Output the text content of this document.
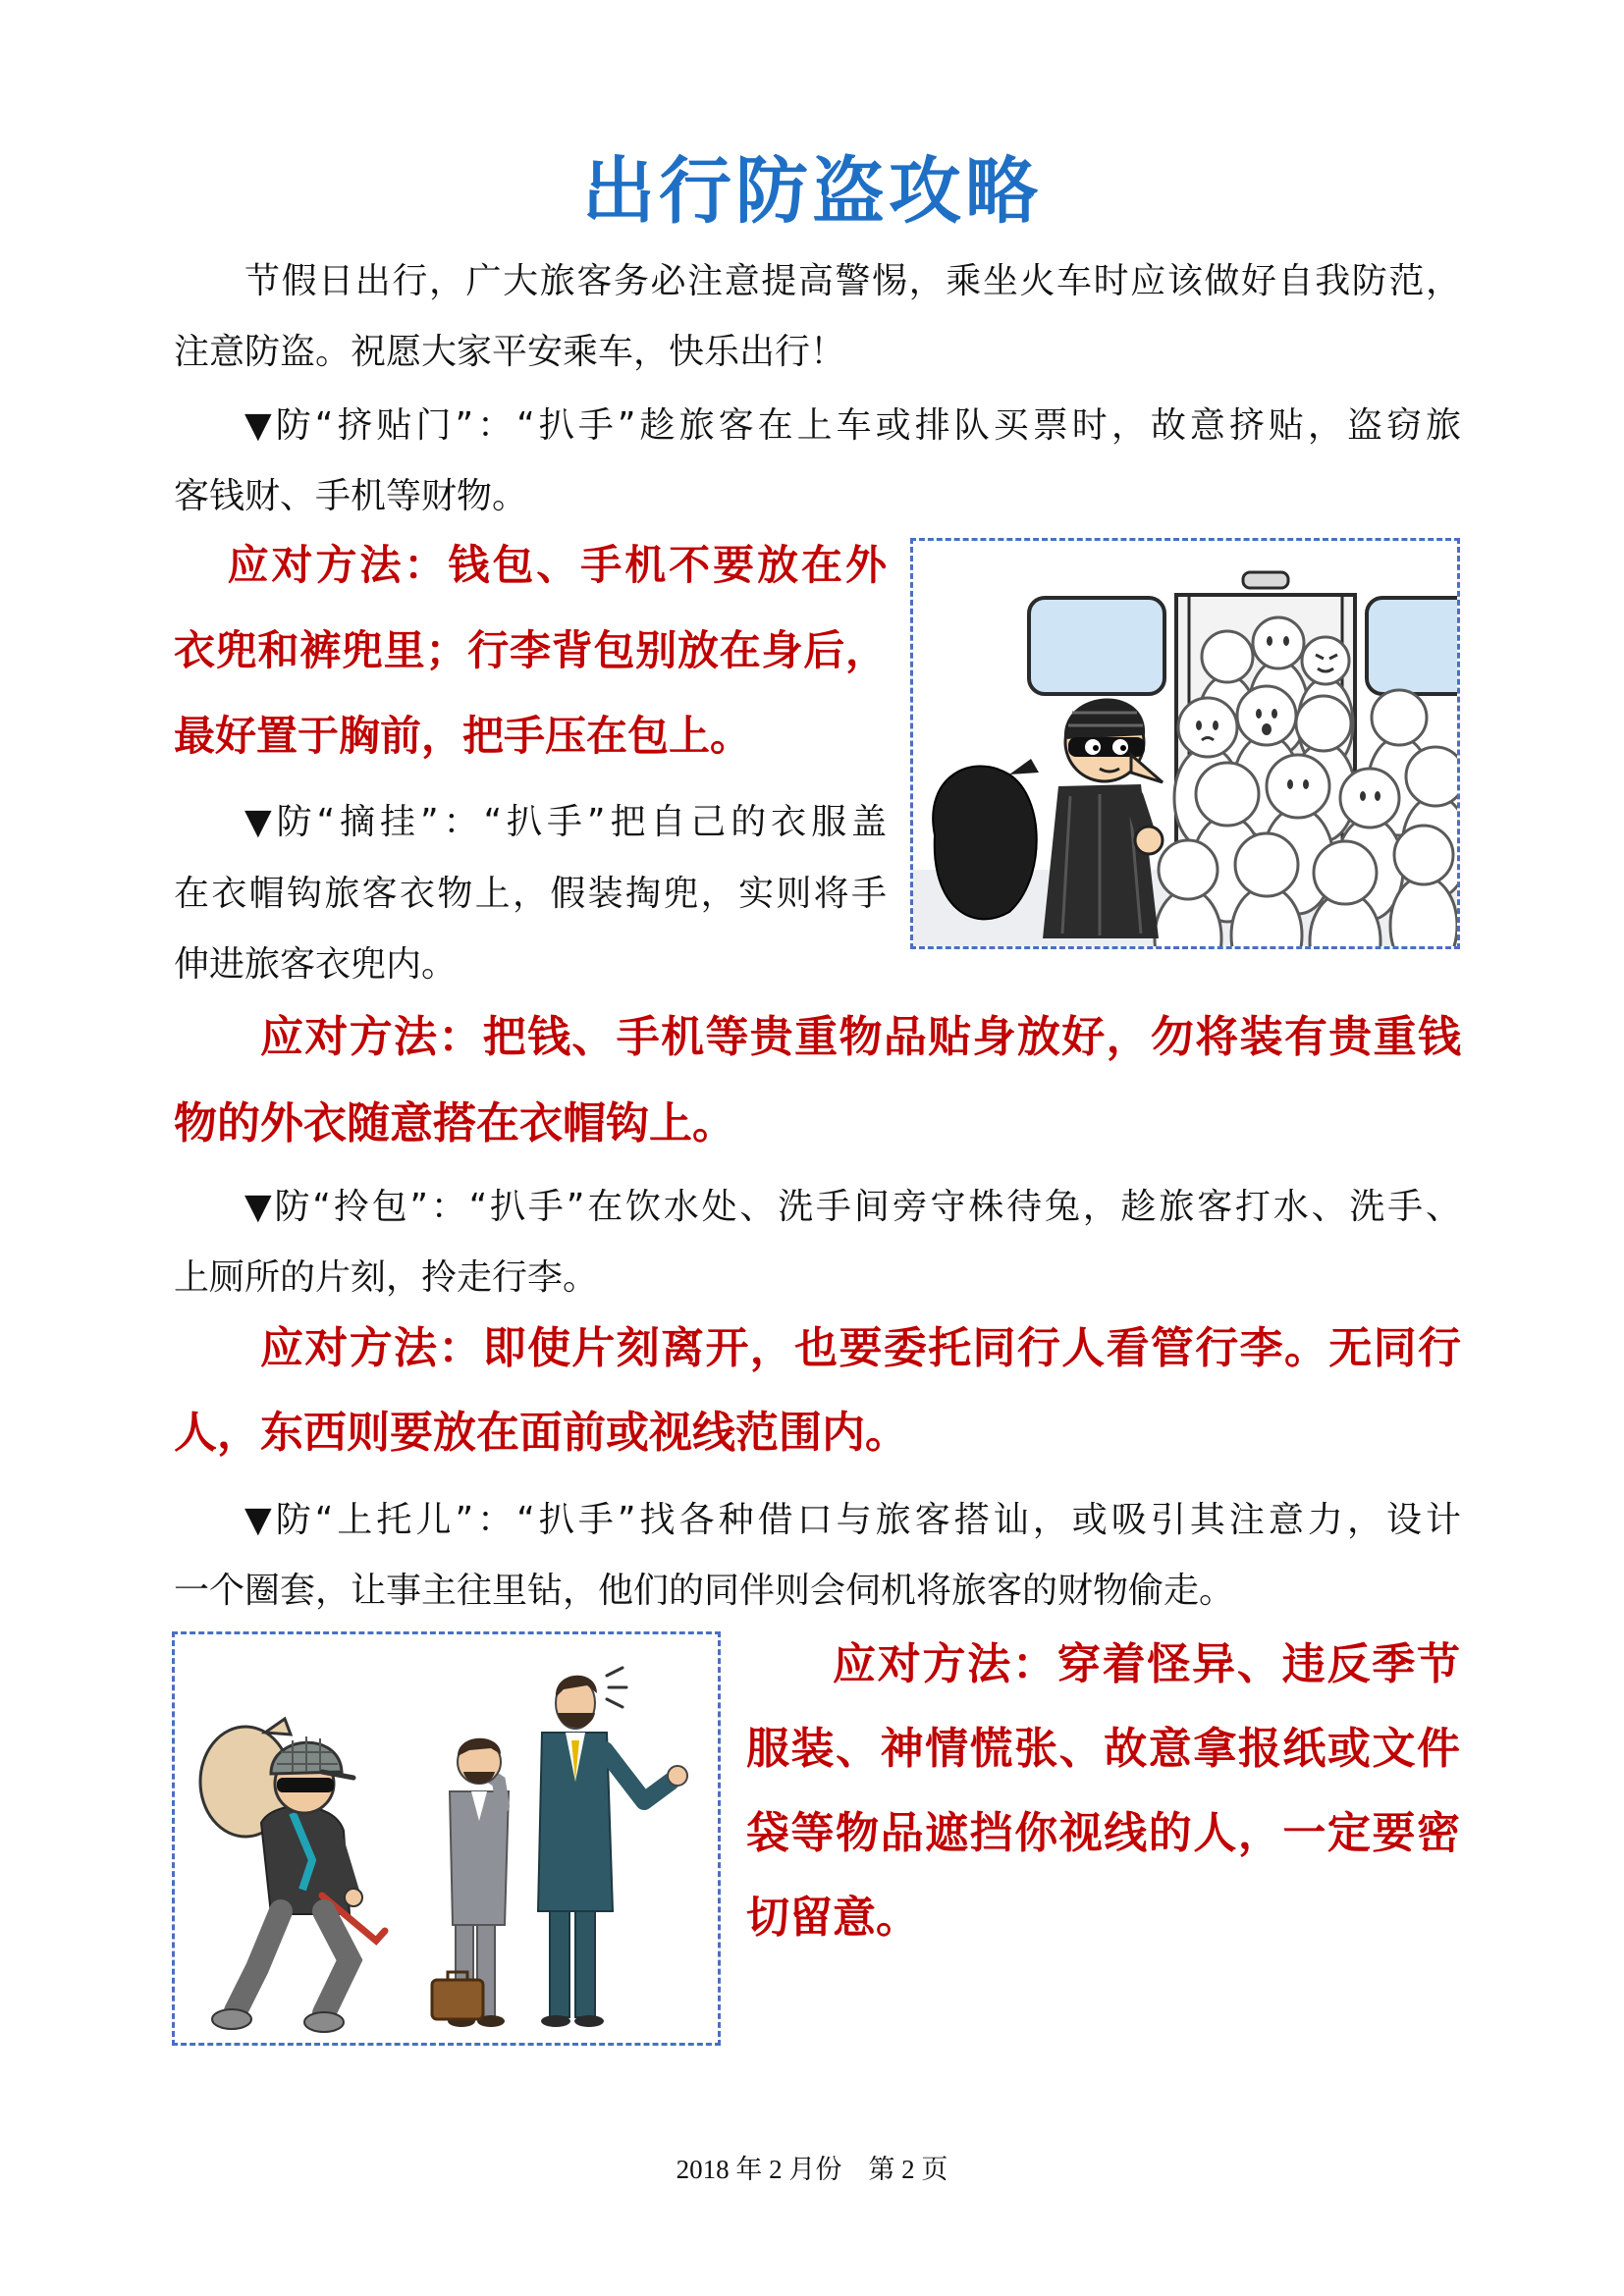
出行防盗攻略
节假日出行，广大旅客务必注意提高警惕，乘坐火车时应该做好自我防范，
注意防盗。祝愿大家平安乘车，快乐出行！
▼防“挤贴门”：“扒手”趁旅客在上车或排队买票时，故意挤贴，盗窃旅
客钱财、手机等财物。
应对方法：钱包、手机不要放在外
衣兜和裤兜里；行李背包别放在身后，
最好置于胸前，把手压在包上。
▼防“摘挂”：“扒手”把自己的衣服盖
在衣帽钩旅客衣物上，假装掏兜，实则将手
伸进旅客衣兜内。
应对方法：把钱、手机等贵重物品贴身放好，勿将装有贵重钱
物的外衣随意搭在衣帽钩上。
▼防“拎包”：“扒手”在饮水处、洗手间旁守株待兔，趁旅客打水、洗手、
上厕所的片刻，拎走行李。
应对方法：即使片刻离开，也要委托同行人看管行李。无同行
人，东西则要放在面前或视线范围内。
▼防“上托儿”：“扒手”找各种借口与旅客搭讪，或吸引其注意力，设计
一个圈套，让事主往里钻，他们的同伴则会伺机将旅客的财物偷走。
应对方法：穿着怪异、违反季节
服装、神情慌张、故意拿报纸或文件
袋等物品遮挡你视线的人，一定要密
切留意。
2018 年 2 月份　第 2 页
